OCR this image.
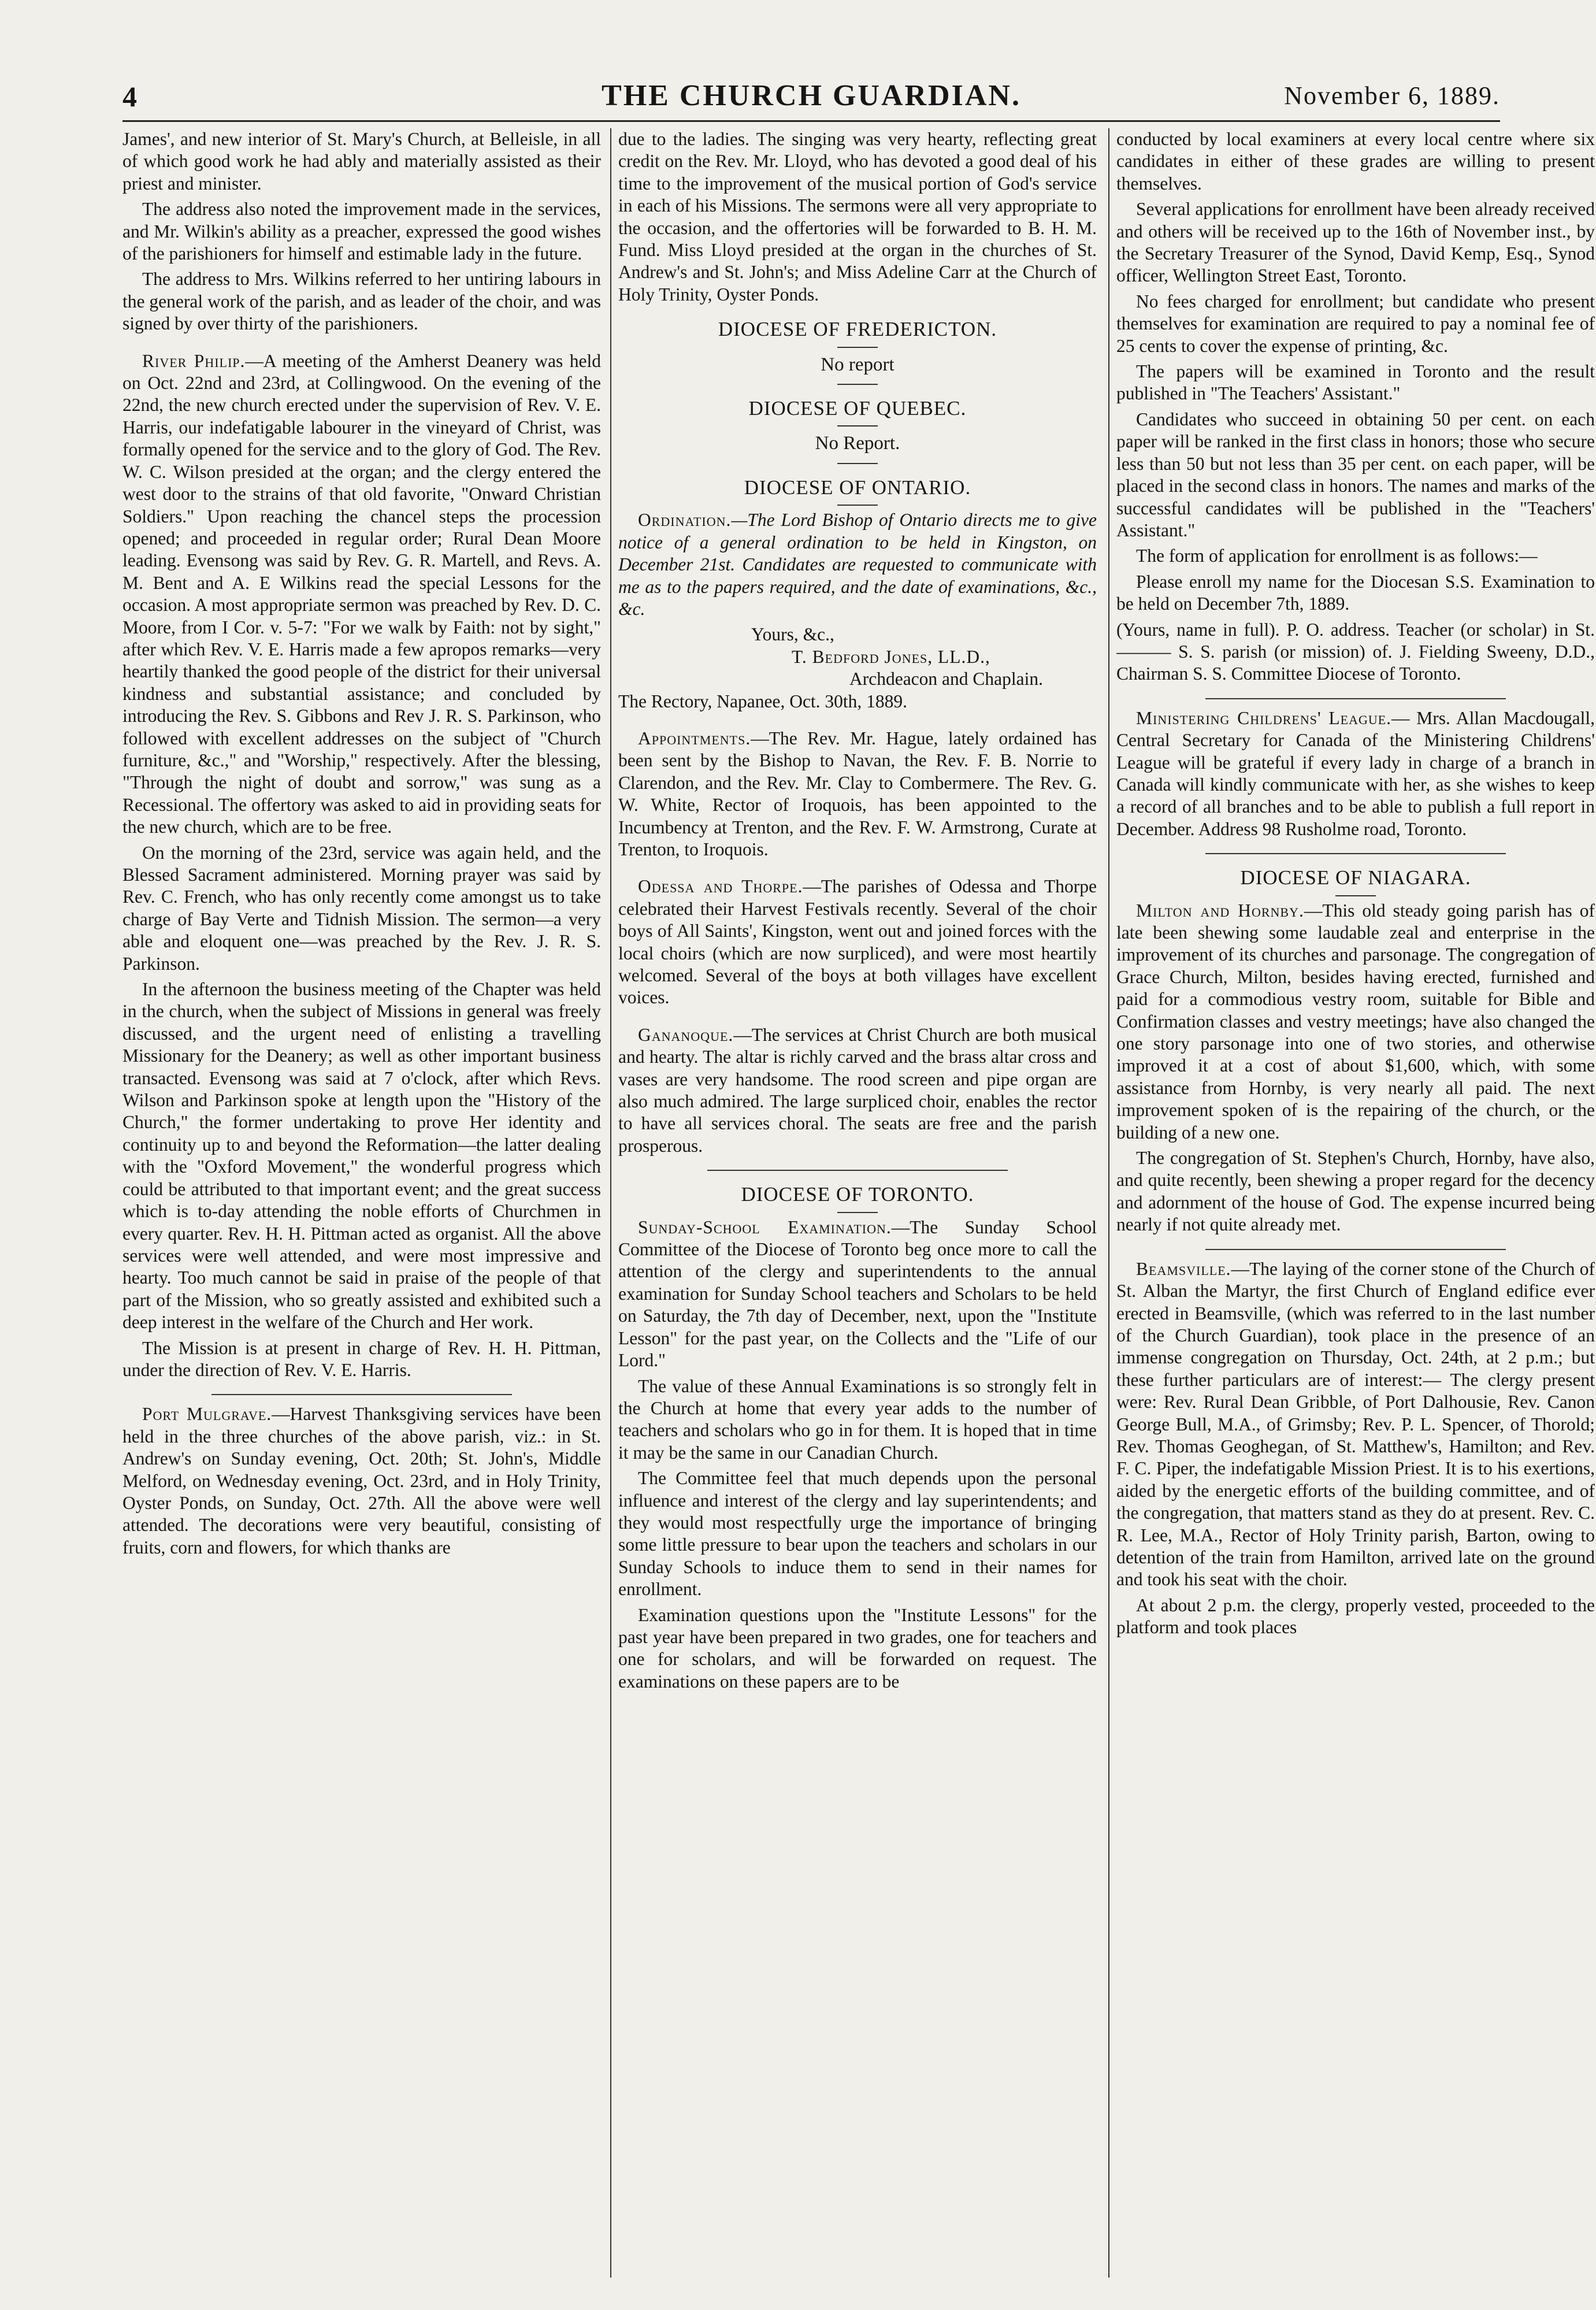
4	THE CHURCH GUARDIAN.	November 6, 1889.

James', and new interior of St. Mary's Church, at Belleisle, in all of which good work he had ably and materially assisted as their priest and minister.

The address also noted the improvement made in the services, and Mr. Wilkin's ability as a preacher, expressed the good wishes of the parishioners for himself and estimable lady in the future.

The address to Mrs. Wilkins referred to her untiring labours in the general work of the parish, and as leader of the choir, and was signed by over thirty of the parishioners.

River Philip.—A meeting of the Amherst Deanery was held on Oct. 22nd and 23rd, at Collingwood. On the evening of the 22nd, the new church erected under the supervision of Rev. V. E. Harris, our indefatigable labourer in the vineyard of Christ, was formally opened for the service and to the glory of God. The Rev. W. C. Wilson presided at the organ; and the clergy entered the west door to the strains of that old favorite, "Onward Christian Soldiers." Upon reaching the chancel steps the procession opened; and proceeded in regular order; Rural Dean Moore leading. Evensong was said by Rev. G. R. Martell, and Revs. A. M. Bent and A. E Wilkins read the special Lessons for the occasion. A most appropriate sermon was preached by Rev. D. C. Moore, from I Cor. v. 5-7: "For we walk by Faith: not by sight," after which Rev. V. E. Harris made a few apropos remarks—very heartily thanked the good people of the district for their universal kindness and substantial assistance; and concluded by introducing the Rev. S. Gibbons and Rev J. R. S. Parkinson, who followed with excellent addresses on the subject of "Church furniture, &c.," and "Worship," respectively. After the blessing, "Through the night of doubt and sorrow," was sung as a Recessional. The offertory was asked to aid in providing seats for the new church, which are to be free.

On the morning of the 23rd, service was again held, and the Blessed Sacrament administered. Morning prayer was said by Rev. C. French, who has only recently come amongst us to take charge of Bay Verte and Tidnish Mission. The sermon—a very able and eloquent one—was preached by the Rev. J. R. S. Parkinson.

In the afternoon the business meeting of the Chapter was held in the church, when the subject of Missions in general was freely discussed, and the urgent need of enlisting a travelling Missionary for the Deanery; as well as other important business transacted. Evensong was said at 7 o'clock, after which Revs. Wilson and Parkinson spoke at length upon the "History of the Church," the former undertaking to prove Her identity and continuity up to and beyond the Reformation—the latter dealing with the "Oxford Movement," the wonderful progress which could be attributed to that important event; and the great success which is to-day attending the noble efforts of Churchmen in every quarter. Rev. H. H. Pittman acted as organist. All the above services were well attended, and were most impressive and hearty. Too much cannot be said in praise of the people of that part of the Mission, who so greatly assisted and exhibited such a deep interest in the welfare of the Church and Her work.

The Mission is at present in charge of Rev. H. H. Pittman, under the direction of Rev. V. E. Harris.

Port Mulgrave.—Harvest Thanksgiving services have been held in the three churches of the above parish, viz.: in St. Andrew's on Sunday evening, Oct. 20th; St. John's, Middle Melford, on Wednesday evening, Oct. 23rd, and in Holy Trinity, Oyster Ponds, on Sunday, Oct. 27th. All the above were well attended. The decorations were very beautiful, consisting of fruits, corn and flowers, for which thanks are

due to the ladies. The singing was very hearty, reflecting great credit on the Rev. Mr. Lloyd, who has devoted a good deal of his time to the improvement of the musical portion of God's service in each of his Missions. The sermons were all very appropriate to the occasion, and the offertories will be forwarded to B. H. M. Fund. Miss Lloyd presided at the organ in the churches of St. Andrew's and St. John's; and Miss Adeline Carr at the Church of Holy Trinity, Oyster Ponds.

DIOCESE OF FREDERICTON.
No report
DIOCESE OF QUEBEC.
No Report.
DIOCESE OF ONTARIO.

Ordination.—The Lord Bishop of Ontario directs me to give notice of a general ordination to be held in Kingston, on December 21st. Candidates are requested to communicate with me as to the papers required, and the date of examinations, &c., &c.

Yours, &c.,

T. Bedford Jones, LL.D.,

Archdeacon and Chaplain.

The Rectory, Napanee, Oct. 30th, 1889.

Appointments.—The Rev. Mr. Hague, lately ordained has been sent by the Bishop to Navan, the Rev. F. B. Norrie to Clarendon, and the Rev. Mr. Clay to Combermere. The Rev. G. W. White, Rector of Iroquois, has been appointed to the Incumbency at Trenton, and the Rev. F. W. Armstrong, Curate at Trenton, to Iroquois.

Odessa and Thorpe.—The parishes of Odessa and Thorpe celebrated their Harvest Festivals recently. Several of the choir boys of All Saints', Kingston, went out and joined forces with the local choirs (which are now surpliced), and were most heartily welcomed. Several of the boys at both villages have excellent voices.

Gananoque.—The services at Christ Church are both musical and hearty. The altar is richly carved and the brass altar cross and vases are very handsome. The rood screen and pipe organ are also much admired. The large surpliced choir, enables the rector to have all services choral. The seats are free and the parish prosperous.

DIOCESE OF TORONTO.

Sunday-School Examination.—The Sunday School Committee of the Diocese of Toronto beg once more to call the attention of the clergy and superintendents to the annual examination for Sunday School teachers and Scholars to be held on Saturday, the 7th day of December, next, upon the "Institute Lesson" for the past year, on the Collects and the "Life of our Lord."

The value of these Annual Examinations is so strongly felt in the Church at home that every year adds to the number of teachers and scholars who go in for them. It is hoped that in time it may be the same in our Canadian Church.

The Committee feel that much depends upon the personal influence and interest of the clergy and lay superintendents; and they would most respectfully urge the importance of bringing some little pressure to bear upon the teachers and scholars in our Sunday Schools to induce them to send in their names for enrollment.

Examination questions upon the "Institute Lessons" for the past year have been prepared in two grades, one for teachers and one for scholars, and will be forwarded on request. The examinations on these papers are to be

conducted by local examiners at every local centre where six candidates in either of these grades are willing to present themselves.

Several applications for enrollment have been already received and others will be received up to the 16th of November inst., by the Secretary Treasurer of the Synod, David Kemp, Esq., Synod officer, Wellington Street East, Toronto.

No fees charged for enrollment; but candidate who present themselves for examination are required to pay a nominal fee of 25 cents to cover the expense of printing, &c.

The papers will be examined in Toronto and the result published in "The Teachers' Assistant."

Candidates who succeed in obtaining 50 per cent. on each paper will be ranked in the first class in honors; those who secure less than 50 but not less than 35 per cent. on each paper, will be placed in the second class in honors. The names and marks of the successful candidates will be published in the "Teachers' Assistant."

The form of application for enrollment is as follows:—

Please enroll my name for the Diocesan S.S. Examination to be held on December 7th, 1889.

(Yours, name in full). P. O. address. Teacher (or scholar) in St. ——— S. S. parish (or mission) of. J. Fielding Sweeny, D.D., Chairman S. S. Committee Diocese of Toronto.

Ministering Childrens' League.— Mrs. Allan Macdougall, Central Secretary for Canada of the Ministering Childrens' League will be grateful if every lady in charge of a branch in Canada will kindly communicate with her, as she wishes to keep a record of all branches and to be able to publish a full report in December. Address 98 Rusholme road, Toronto.

DIOCESE OF NIAGARA.

Milton and Hornby.—This old steady going parish has of late been shewing some laudable zeal and enterprise in the improvement of its churches and parsonage. The congregation of Grace Church, Milton, besides having erected, furnished and paid for a commodious vestry room, suitable for Bible and Confirmation classes and vestry meetings; have also changed the one story parsonage into one of two stories, and otherwise improved it at a cost of about $1,600, which, with some assistance from Hornby, is very nearly all paid. The next improvement spoken of is the repairing of the church, or the building of a new one.

The congregation of St. Stephen's Church, Hornby, have also, and quite recently, been shewing a proper regard for the decency and adornment of the house of God. The expense incurred being nearly if not quite already met.

Beamsville.—The laying of the corner stone of the Church of St. Alban the Martyr, the first Church of England edifice ever erected in Beamsville, (which was referred to in the last number of the Church Guardian), took place in the presence of an immense congregation on Thursday, Oct. 24th, at 2 p.m.; but these further particulars are of interest:— The clergy present were: Rev. Rural Dean Gribble, of Port Dalhousie, Rev. Canon George Bull, M.A., of Grimsby; Rev. P. L. Spencer, of Thorold; Rev. Thomas Geoghegan, of St. Matthew's, Hamilton; and Rev. F. C. Piper, the indefatigable Mission Priest. It is to his exertions, aided by the energetic efforts of the building committee, and of the congregation, that matters stand as they do at present. Rev. C. R. Lee, M.A., Rector of Holy Trinity parish, Barton, owing to detention of the train from Hamilton, arrived late on the ground and took his seat with the choir.

At about 2 p.m. the clergy, properly vested, proceeded to the platform and took places
